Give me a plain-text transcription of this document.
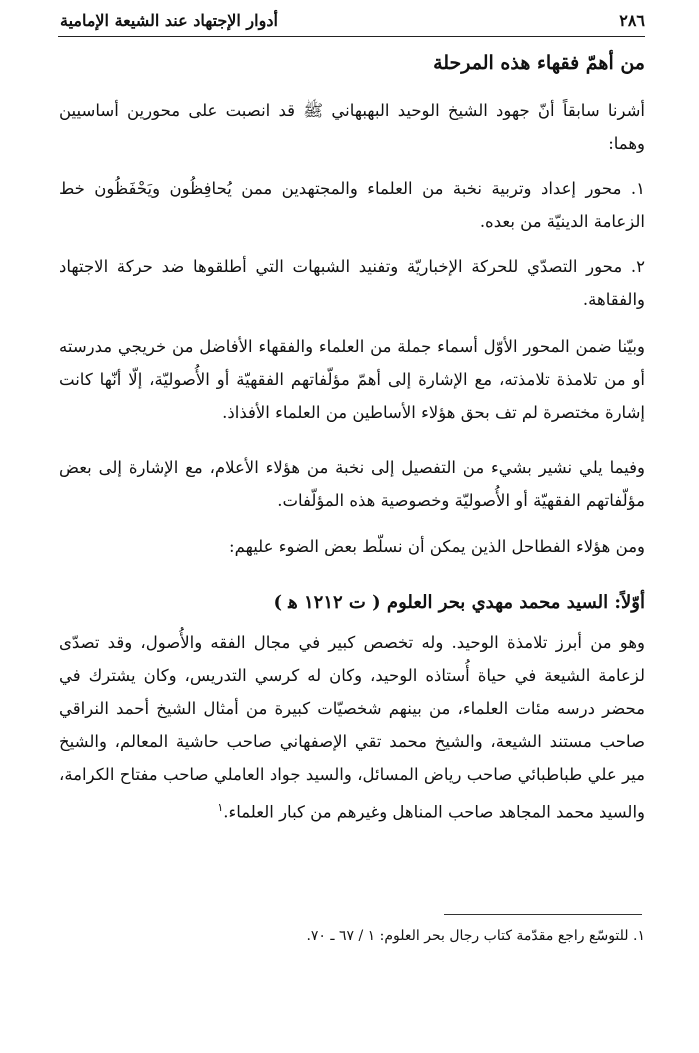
٢٨٦
أدوار الإجتهاد عند الشيعة الإمامية
من أهمّ فقهاء هذه المرحلة

أشرنا سابقاً أنّ جهود الشيخ الوحيد البهبهاني ﷺ قد انصبت على محورين أساسيين وهما:

١. محور إعداد وتربية نخبة من العلماء والمجتهدين ممن يُحافِظُون ويَحْفَظُون خط الزعامة الدينيّة من بعده.

٢. محور التصدّي للحركة الإخباريّة وتفنيد الشبهات التي أطلقوها ضد حركة الاجتهاد والفقاهة.

وبيّنا ضمن المحور الأوّل أسماء جملة من العلماء والفقهاء الأفاضل من خريجي مدرسته أو من تلامذة تلامذته، مع الإشارة إلى أهمّ مؤلّفاتهم الفقهيّة أو الأُصوليّة، إلّا أنّها كانت إشارة مختصرة لم تف بحق هؤلاء الأساطين من العلماء الأفذاذ.

وفيما يلي نشير بشيء من التفصيل إلى نخبة من هؤلاء الأعلام، مع الإشارة إلى بعض مؤلّفاتهم الفقهيّة أو الأُصوليّة وخصوصية هذه المؤلّفات.

ومن هؤلاء الفطاحل الذين يمكن أن نسلّط بعض الضوء عليهم:

أوّلاً: السيد محمد مهدي بحر العلوم ( ت ١٢١٢ ه‍ )

وهو من أبرز تلامذة الوحيد. وله تخصص كبير في مجال الفقه والأُصول، وقد تصدّى لزعامة الشيعة في حياة أُستاذه الوحيد، وكان له كرسي التدريس، وكان يشترك في محضر درسه مئات العلماء، من بينهم شخصيّات كبيرة من أمثال الشيخ أحمد النراقي صاحب مستند الشيعة، والشيخ محمد تقي الإصفهاني صاحب حاشية المعالم، والشيخ مير علي طباطبائي صاحب رياض المسائل، والسيد جواد العاملي صاحب مفتاح الكرامة، والسيد محمد المجاهد صاحب المناهل وغيرهم من كبار العلماء.$^١$

١. للتوسّع راجع مقدّمة كتاب رجال بحر العلوم: ١ / ٦٧ ـ ٧٠.
